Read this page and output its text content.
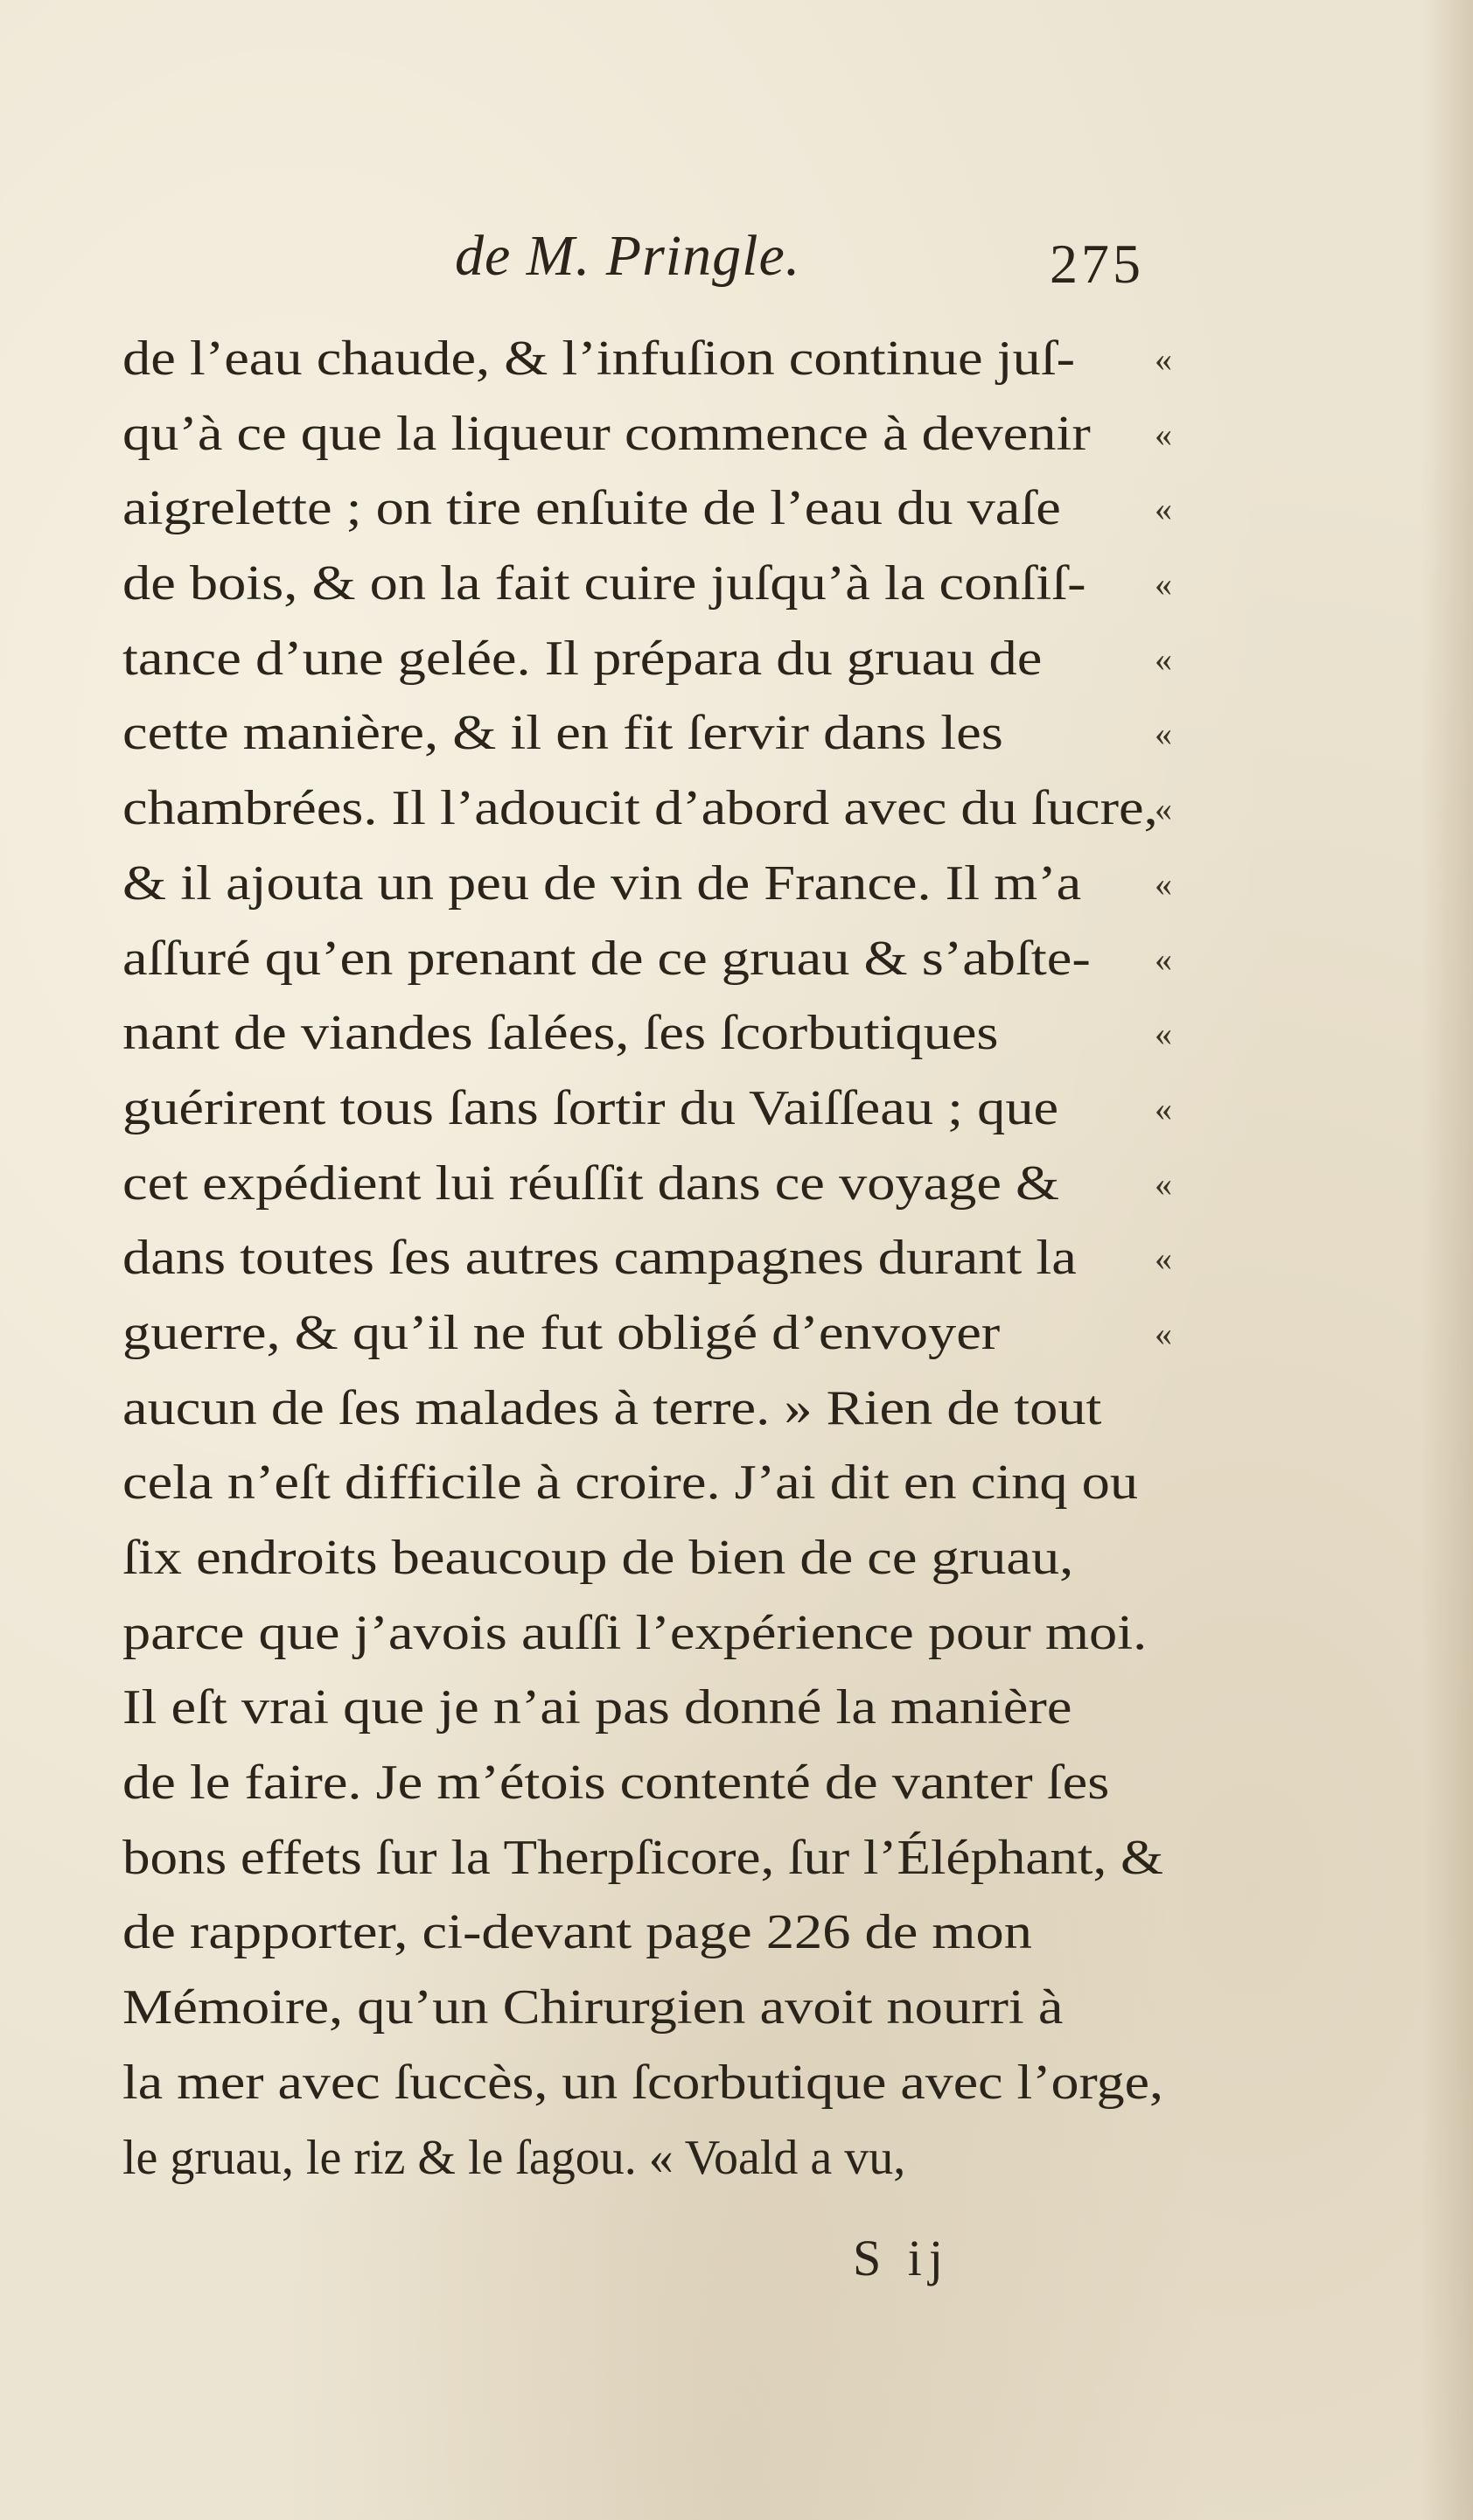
de M. Pringle.	275
de l’eau chaude, & l’infuſion continue juſ- «
qu’à ce que la liqueur commence à devenir «
aigrelette ; on tire enſuite de l’eau du vaſe	«
de bois, & on la fait cuire juſqu’à la conſiſ- «
tance d’une gelée. Il prépara du gruau de	«
cette manière, & il en fit ſervir dans les	«
chambrées. Il l’adoucit d’abord avec du ſucre,
«
& il ajouta un peu de vin de France. Il m’a «
aſſuré qu’en prenant de ce gruau & s’abſte- «
nant de viandes ſalées, ſes ſcorbutiques	«
guérirent tous ſans ſortir du Vaiſſeau ; que	«
cet expédient lui réuſſit dans ce voyage &	«
dans toutes ſes autres campagnes durant la «
guerre, & qu’il ne fut obligé d’envoyer	«
aucun de ſes malades à terre. » Rien de tout
cela n’eſt difficile à croire. J’ai dit en cinq ou
ſix endroits beaucoup de bien de ce gruau,
parce que j’avois auſſi l’expérience pour moi.
Il eſt vrai que je n’ai pas donné la manière
de le faire. Je m’étois contenté de vanter ſes
bons effets ſur la Therpſicore, ſur l’Éléphant, &
de rapporter, ci-devant page 226 de mon
Mémoire, qu’un Chirurgien avoit nourri à
la mer avec ſuccès, un ſcorbutique avec l’orge,
le gruau, le riz & le ſagou. « Voald a vu,
S ij
